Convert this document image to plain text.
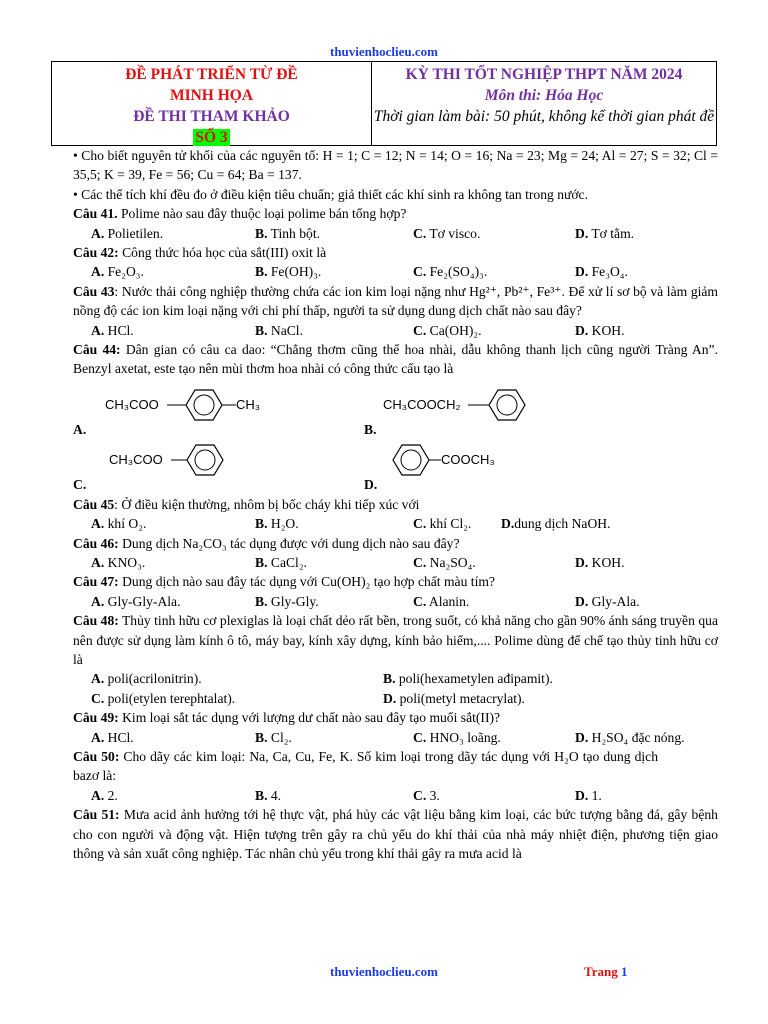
thuvienhoclieu.com
ĐỀ PHÁT TRIỂN TỪ ĐỀ
MINH HỌA
ĐỀ THI THAM KHẢO
SỐ 3
KỲ THI TỐT NGHIỆP THPT NĂM 2024
Môn thi: Hóa Học
Thời gian làm bài: 50 phút, không kể thời gian phát đề

• Cho biết nguyên tử khối của các nguyên tố: H = 1; C = 12; N = 14; O = 16; Na = 23; Mg = 24; Al = 27; S = 32; Cl = 35,5; K = 39, Fe = 56; Cu = 64; Ba = 137.

• Các thể tích khí đều đo ở điều kiện tiêu chuẩn; giả thiết các khí sinh ra không tan trong nước.

Câu 41. Polime nào sau đây thuộc loại polime bán tổng hợp?

A. Polietilen.	B. Tinh bột.	C. Tơ visco.	D. Tơ tằm.

Câu 42: Công thức hóa học của sắt(III) oxit là

A. Fe₂O₃.	B. Fe(OH)₃.	C. Fe₂(SO₄)₃.	D. Fe₃O₄.

Câu 43: Nước thải công nghiệp thường chứa các ion kim loại nặng như Hg²⁺, Pb²⁺, Fe³⁺. Để xử lí sơ bộ và làm giảm nồng độ các ion kim loại nặng với chi phí thấp, người ta sử dụng dung dịch chất nào sau đây?

A. HCl.	B. NaCl.	C. Ca(OH)₂.	D. KOH.

Câu 44: Dân gian có câu ca dao: “Chẳng thơm cũng thể hoa nhài, dẫu không thanh lịch cũng người Tràng An”. Benzyl axetat, este tạo nên mùi thơm hoa nhài có công thức cấu tạo là

CH₃COO	CH₃
A.
CH₃COOCH₂
B.
CH₃COO
C.
COOCH₃
D.

Câu 45: Ở điều kiện thường, nhôm bị bốc cháy khi tiếp xúc với

A. khí O₂.	B. H₂O.	C. khí Cl₂.	D.dung dịch NaOH.

Câu 46: Dung dịch Na₂CO₃ tác dụng được với dung dịch nào sau đây?

A. KNO₃.	B. CaCl₂.	C. Na₂SO₄.	D. KOH.

Câu 47: Dung dịch nào sau đây tác dụng với Cu(OH)₂ tạo hợp chất màu tím?

A. Gly-Gly-Ala.	B. Gly-Gly.	C. Alanin.	D. Gly-Ala.

Câu 48: Thủy tinh hữu cơ plexiglas là loại chất dẻo rất bền, trong suốt, có khả năng cho gần 90% ánh sáng truyền qua nên được sử dụng làm kính ô tô, máy bay, kính xây dựng, kính bảo hiểm,.... Polime dùng để chế tạo thủy tinh hữu cơ là

A. poli(acrilonitrin).	B. poli(hexametylen ađipamit).
C. poli(etylen terephtalat).	D. poli(metyl metacrylat).

Câu 49: Kim loại sắt tác dụng với lượng dư chất nào sau đây tạo muối sắt(II)?

A. HCl.	B. Cl₂.	C. HNO₃ loãng.	D. H₂SO₄ đặc nóng.

Câu 50: Cho dãy các kim loại: Na, Ca, Cu, Fe, K. Số kim loại trong dãy tác dụng với H₂O tạo dung dịch bazơ là:

A. 2.	B. 4.	C. 3.	D. 1.

Câu 51: Mưa acid ảnh hưởng tới hệ thực vật, phá hủy các vật liệu bằng kim loại, các bức tượng bằng đá, gây bệnh cho con người và động vật. Hiện tượng trên gây ra chủ yếu do khí thải của nhà máy nhiệt điện, phương tiện giao thông và sản xuất công nghiệp. Tác nhân chủ yếu trong khí thải gây ra mưa acid là

thuvienhoclieu.com	Trang 1
